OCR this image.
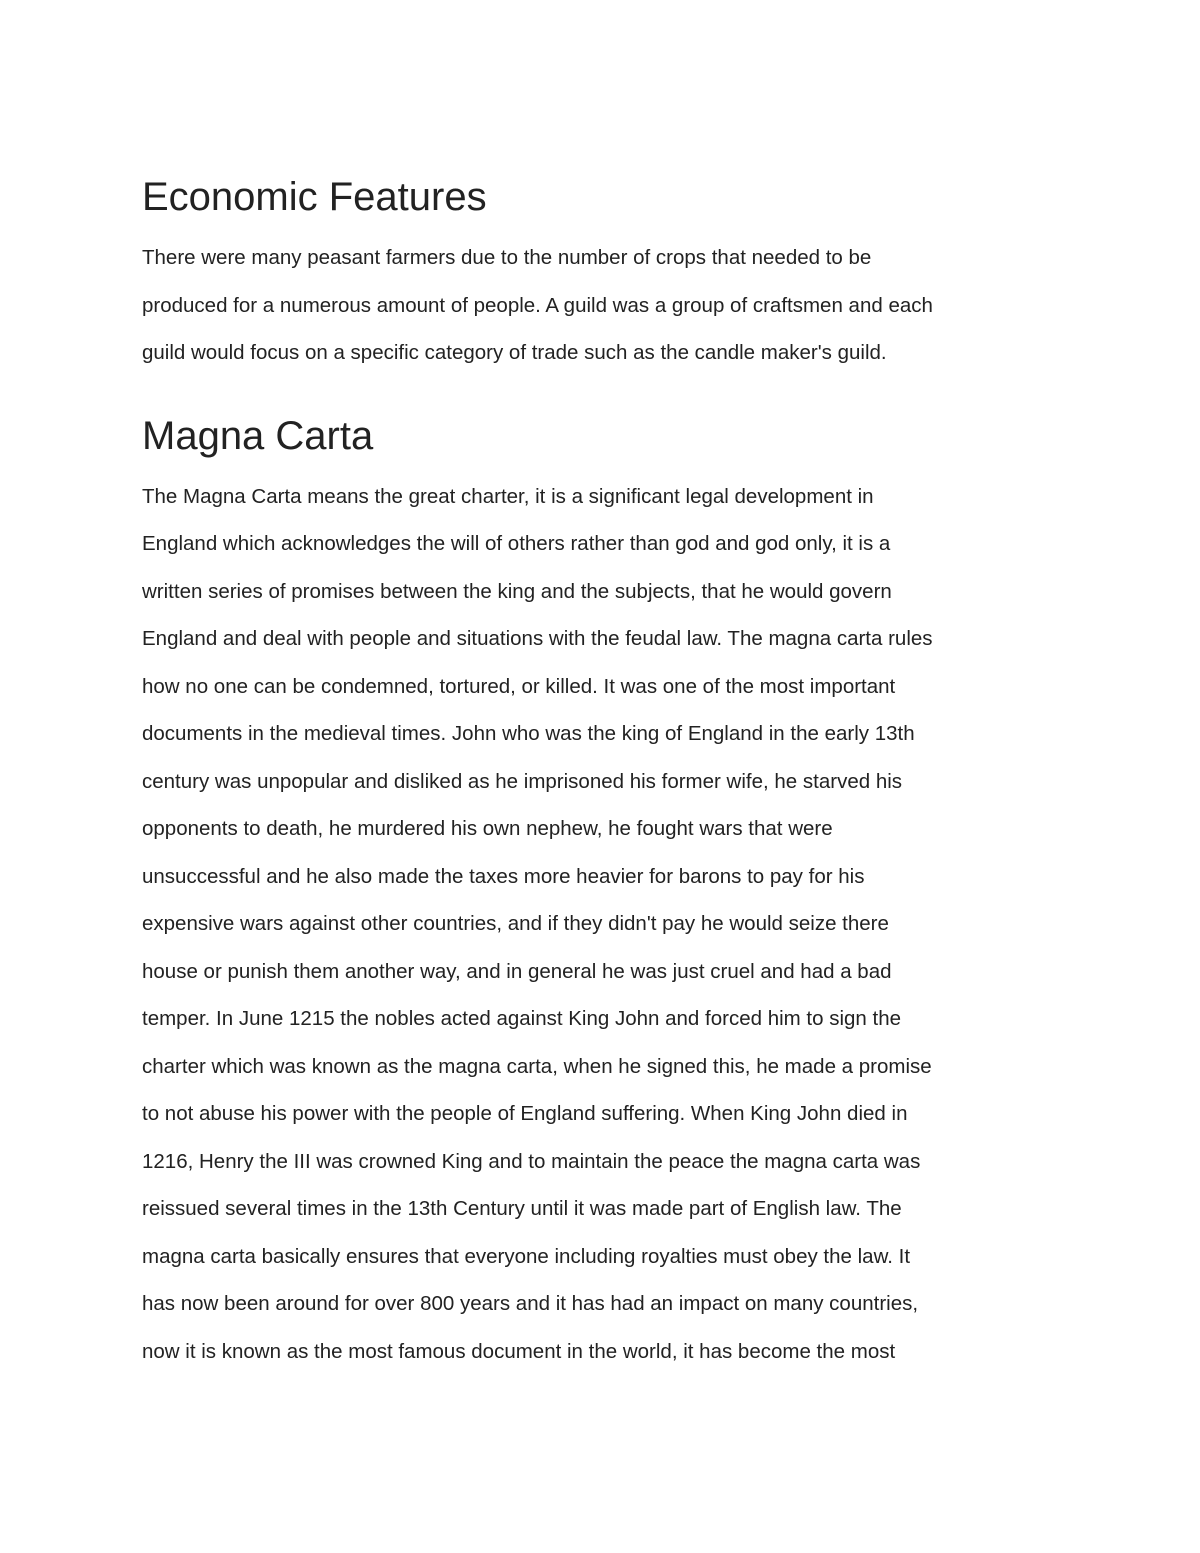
Economic Features
There were many peasant farmers due to the number of crops that needed to be
produced for a numerous amount of people. A guild was a group of craftsmen and each
guild would focus on a specific category of trade such as the candle maker's guild.
Magna Carta
The Magna Carta means the great charter, it is a significant legal development in
England which acknowledges the will of others rather than god and god only, it is a
written series of promises between the king and the subjects, that he would govern
England and deal with people and situations with the feudal law. The magna carta rules
how no one can be condemned, tortured, or killed. It was one of the most important
documents in the medieval times. John who was the king of England in the early 13th
century was unpopular and disliked as he imprisoned his former wife, he starved his
opponents to death, he murdered his own nephew, he fought wars that were
unsuccessful and he also made the taxes more heavier for barons to pay for his
expensive wars against other countries, and if they didn't pay he would seize there
house or punish them another way, and in general he was just cruel and had a bad
temper. In June 1215 the nobles acted against King John and forced him to sign the
charter which was known as the magna carta, when he signed this, he made a promise
to not abuse his power with the people of England suffering. When King John died in
1216, Henry the III was crowned King and to maintain the peace the magna carta was
reissued several times in the 13th Century until it was made part of English law. The
magna carta basically ensures that everyone including royalties must obey the law. It
has now been around for over 800 years and it has had an impact on many countries,
now it is known as the most famous document in the world, it has become the most
